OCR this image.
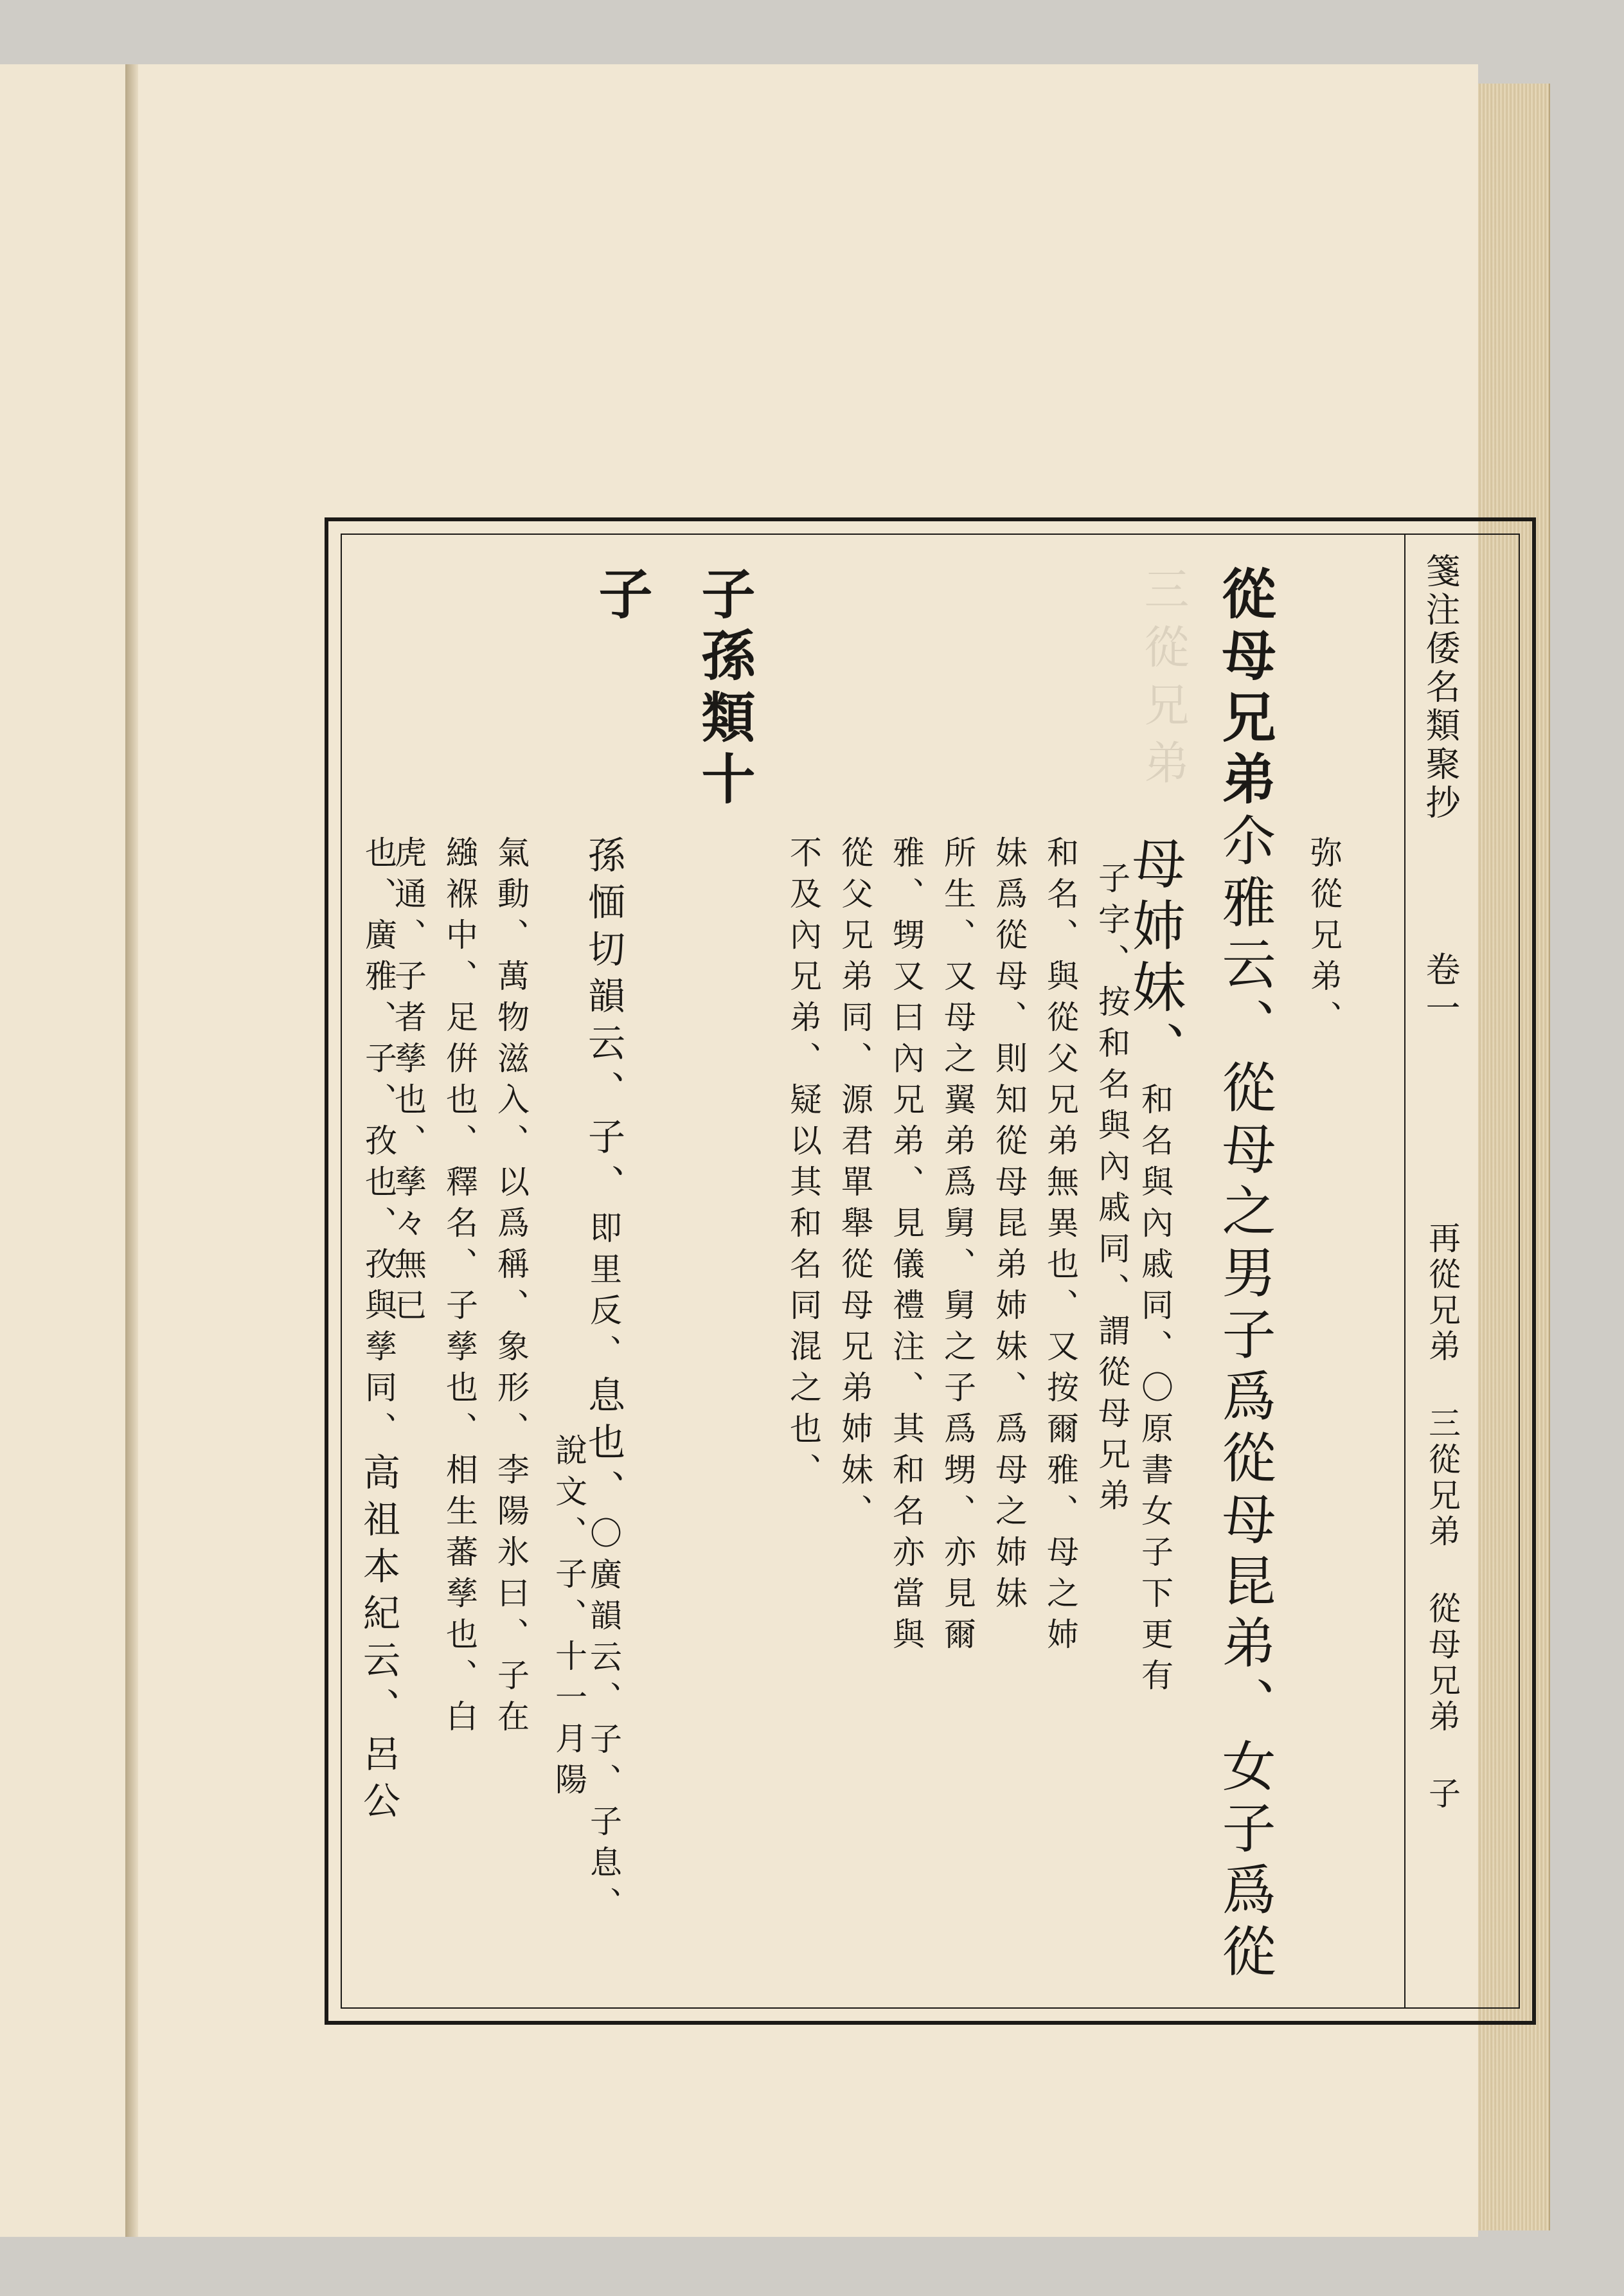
三從兄弟	箋注倭名類聚抄
卷一
再從兄弟 三從兄弟 從母兄弟 子
弥從兄弟、
從母兄弟尒雅云、從母之男子爲從母昆弟、女子爲從
母姉妹、和名與內戚同、〇原書女子下更有
子字、按和名與內戚同、謂從母兄弟
和名、與從父兄弟無異也、又按爾雅、母之姉
妹爲從母、則知從母昆弟姉妹、爲母之姉妹
所生、又母之翼弟爲舅、舅之子爲甥、亦見爾
雅、甥又曰內兄弟、見儀禮注、其和名亦當與
從父兄弟同、源君單舉從母兄弟姉妹、
不及內兄弟、疑以其和名同混之也、
子孫類十
子
孫愐切韻云、子、即里反、息也、〇廣韻云、子、子息、
說文、子、十一月陽
氣動、萬物滋入、以爲稱、象形、李陽氷曰、子在
繈褓中、足倂也、釋名、子孳也、相生蕃孳也、白
虎通、子者孳也、孳々無已
也、廣雅、子、孜也、孜與孳同、高祖本紀云、呂公
